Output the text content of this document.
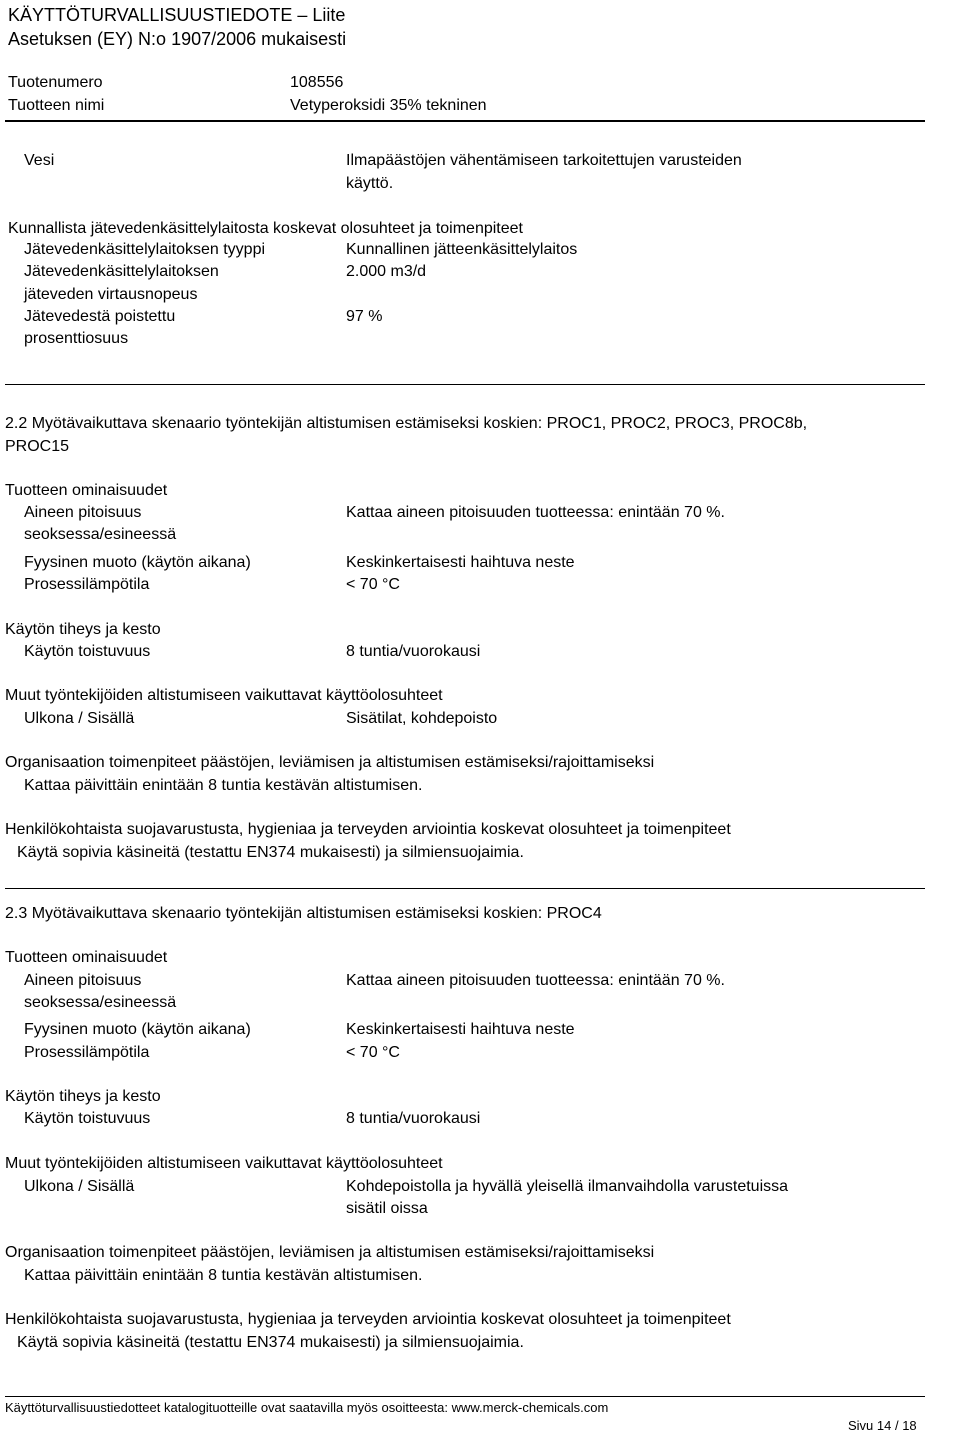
KÄYTTÖTURVALLISUUSTIEDOTE – Liite
Asetuksen (EY) N:o 1907/2006 mukaisesti
Tuotenumero	108556
Tuotteen nimi	Vetyperoksidi 35% tekninen
Vesi	Ilmapäästöjen vähentämiseen tarkoitettujen varusteiden
käyttö.
Kunnallista jätevedenkäsittelylaitosta koskevat olosuhteet ja toimenpiteet
Jätevedenkäsittelylaitoksen tyyppi	Kunnallinen jätteenkäsittelylaitos
Jätevedenkäsittelylaitoksen	2.000 m3/d
jäteveden virtausnopeus
Jätevedestä poistettu	97 %
prosenttiosuus
2.2 Myötävaikuttava skenaario työntekijän altistumisen estämiseksi koskien: PROC1, PROC2, PROC3, PROC8b,
PROC15
Tuotteen ominaisuudet
Aineen pitoisuus	Kattaa aineen pitoisuuden tuotteessa: enintään 70 %.
seoksessa/esineessä
Fyysinen muoto (käytön aikana)	Keskinkertaisesti haihtuva neste
Prosessilämpötila	< 70 °C
Käytön tiheys ja kesto
Käytön toistuvuus	8 tuntia/vuorokausi
Muut työntekijöiden altistumiseen vaikuttavat käyttöolosuhteet
Ulkona / Sisällä	Sisätilat, kohdepoisto
Organisaation toimenpiteet päästöjen, leviämisen ja altistumisen estämiseksi/rajoittamiseksi
Kattaa päivittäin enintään 8 tuntia kestävän altistumisen.
Henkilökohtaista suojavarustusta, hygieniaa ja terveyden arviointia koskevat olosuhteet ja toimenpiteet
Käytä sopivia käsineitä (testattu EN374 mukaisesti) ja silmiensuojaimia.
2.3 Myötävaikuttava skenaario työntekijän altistumisen estämiseksi koskien: PROC4
Tuotteen ominaisuudet
Aineen pitoisuus	Kattaa aineen pitoisuuden tuotteessa: enintään 70 %.
seoksessa/esineessä
Fyysinen muoto (käytön aikana)	Keskinkertaisesti haihtuva neste
Prosessilämpötila	< 70 °C
Käytön tiheys ja kesto
Käytön toistuvuus	8 tuntia/vuorokausi
Muut työntekijöiden altistumiseen vaikuttavat käyttöolosuhteet
Ulkona / Sisällä	Kohdepoistolla ja hyvällä yleisellä ilmanvaihdolla varustetuissa
sisätil oissa
Organisaation toimenpiteet päästöjen, leviämisen ja altistumisen estämiseksi/rajoittamiseksi
Kattaa päivittäin enintään 8 tuntia kestävän altistumisen.
Henkilökohtaista suojavarustusta, hygieniaa ja terveyden arviointia koskevat olosuhteet ja toimenpiteet
Käytä sopivia käsineitä (testattu EN374 mukaisesti) ja silmiensuojaimia.
Käyttöturvallisuustiedotteet katalogituotteille ovat saatavilla myös osoitteesta: www.merck-chemicals.com
Sivu 14 / 18
